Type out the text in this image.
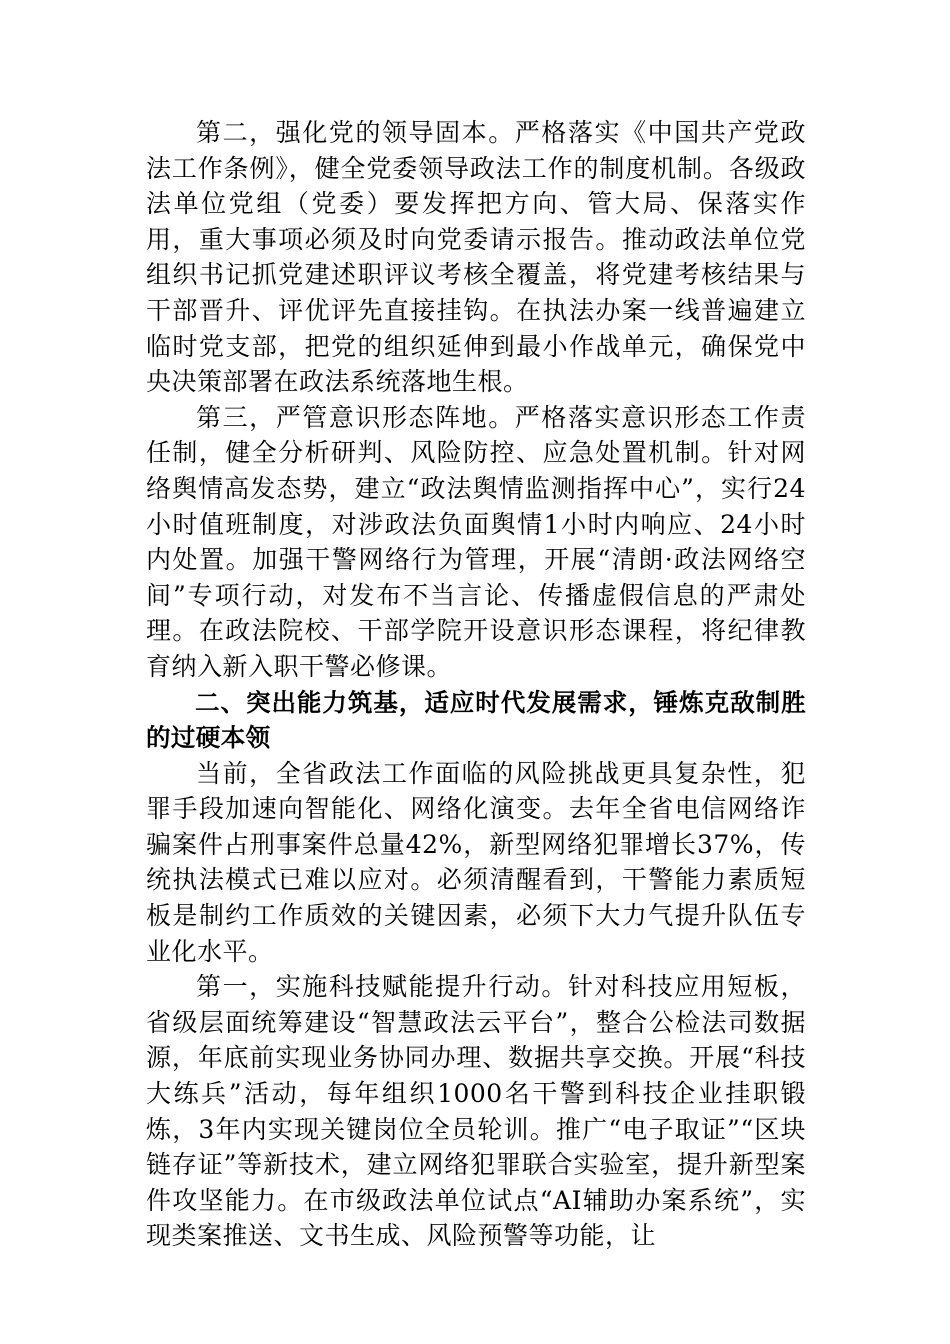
第二，强化党的领导固本。严格落实《中国共产党政法工作条例》，健全党委领导政法工作的制度机制。各级政法单位党组（党委）要发挥把方向、管大局、保落实作用，重大事项必须及时向党委请示报告。推动政法单位党组织书记抓党建述职评议考核全覆盖，将党建考核结果与干部晋升、评优评先直接挂钩。在执法办案一线普遍建立临时党支部，把党的组织延伸到最小作战单元，确保党中央决策部署在政法系统落地生根。

第三，严管意识形态阵地。严格落实意识形态工作责任制，健全分析研判、风险防控、应急处置机制。针对网络舆情高发态势，建立“政法舆情监测指挥中心”，实行24小时值班制度，对涉政法负面舆情1小时内响应、24小时内处置。加强干警网络行为管理，开展“清朗·政法网络空间”专项行动，对发布不当言论、传播虚假信息的严肃处理。在政法院校、干部学院开设意识形态课程，将纪律教育纳入新入职干警必修课。

二、突出能力筑基，适应时代发展需求，锤炼克敌制胜的过硬本领

当前，全省政法工作面临的风险挑战更具复杂性，犯罪手段加速向智能化、网络化演变。去年全省电信网络诈骗案件占刑事案件总量42%，新型网络犯罪增长37%，传统执法模式已难以应对。必须清醒看到，干警能力素质短板是制约工作质效的关键因素，必须下大力气提升队伍专业化水平。

第一，实施科技赋能提升行动。针对科技应用短板，省级层面统筹建设“智慧政法云平台”，整合公检法司数据源，年底前实现业务协同办理、数据共享交换。开展“科技大练兵”活动，每年组织1000名干警到科技企业挂职锻炼，3年内实现关键岗位全员轮训。推广“电子取证”“区块链存证”等新技术，建立网络犯罪联合实验室，提升新型案件攻坚能力。在市级政法单位试点“AI辅助办案系统”，实现类案推送、文书生成、风险预警等功能，让
